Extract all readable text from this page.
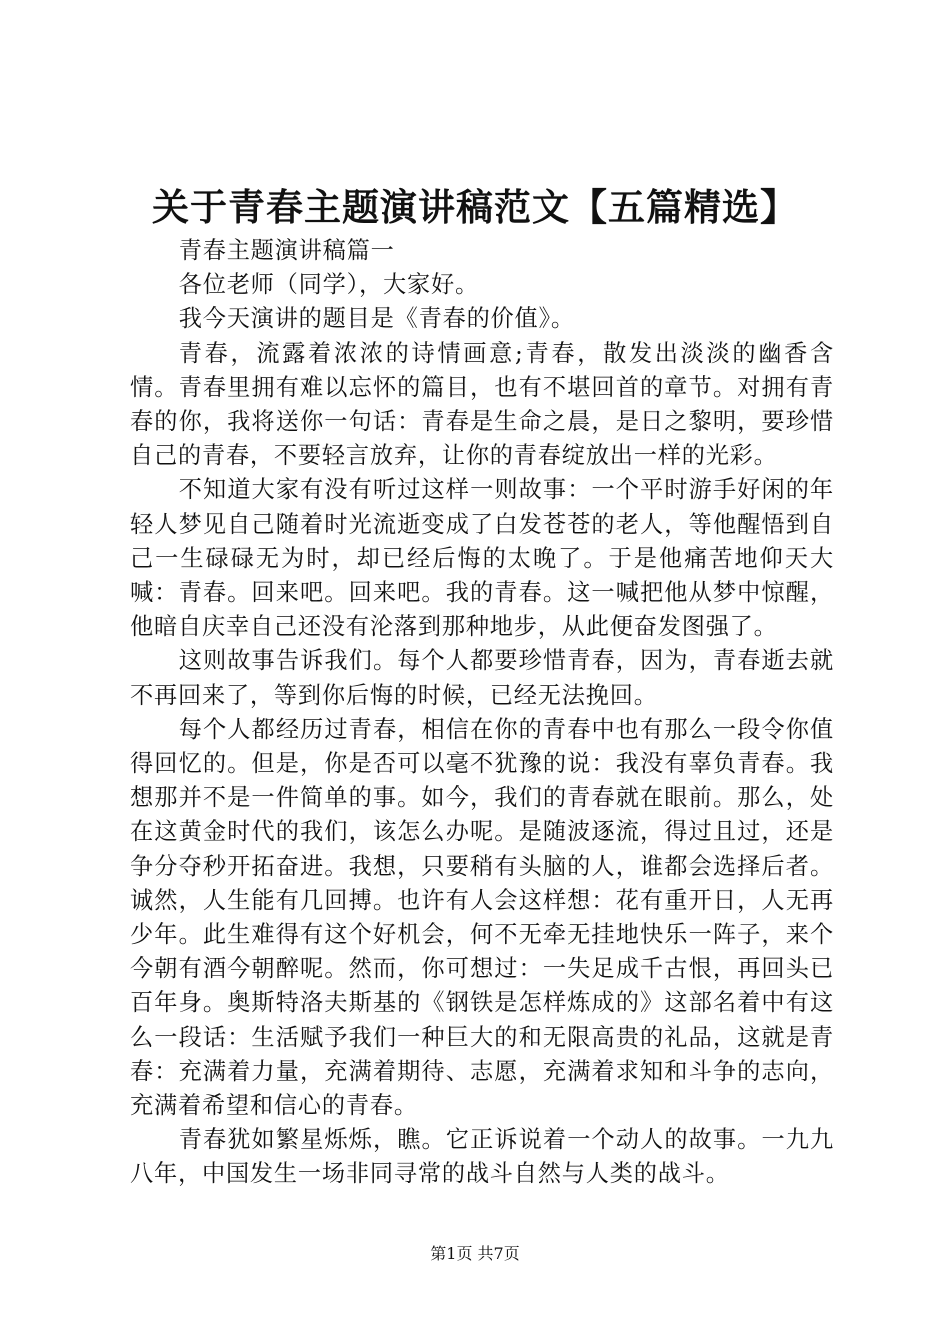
关于青春主题演讲稿范文【五篇精选】

青春主题演讲稿篇一

各位老师（同学），大家好。

我今天演讲的题目是《青春的价值》。

青春，流露着浓浓的诗情画意;青春，散发出淡淡的幽香含情。青春里拥有难以忘怀的篇目，也有不堪回首的章节。对拥有青春的你，我将送你一句话：青春是生命之晨，是日之黎明，要珍惜自己的青春，不要轻言放弃，让你的青春绽放出一样的光彩。

不知道大家有没有听过这样一则故事：一个平时游手好闲的年轻人梦见自己随着时光流逝变成了白发苍苍的老人，等他醒悟到自己一生碌碌无为时，却已经后悔的太晚了。于是他痛苦地仰天大喊：青春。回来吧。回来吧。我的青春。这一喊把他从梦中惊醒，他暗自庆幸自己还没有沦落到那种地步，从此便奋发图强了。

这则故事告诉我们。每个人都要珍惜青春，因为，青春逝去就不再回来了，等到你后悔的时候，已经无法挽回。

每个人都经历过青春，相信在你的青春中也有那么一段令你值得回忆的。但是，你是否可以毫不犹豫的说：我没有辜负青春。我想那并不是一件简单的事。如今，我们的青春就在眼前。那么，处在这黄金时代的我们，该怎么办呢。是随波逐流，得过且过，还是争分夺秒开拓奋进。我想，只要稍有头脑的人，谁都会选择后者。诚然，人生能有几回搏。也许有人会这样想：花有重开日，人无再少年。此生难得有这个好机会，何不无牵无挂地快乐一阵子，来个今朝有酒今朝醉呢。然而，你可想过：一失足成千古恨，再回头已百年身。奥斯特洛夫斯基的《钢铁是怎样炼成的》这部名着中有这么一段话：生活赋予我们一种巨大的和无限高贵的礼品，这就是青春：充满着力量，充满着期待、志愿，充满着求知和斗争的志向，充满着希望和信心的青春。

青春犹如繁星烁烁，瞧。它正诉说着一个动人的故事。一九九八年，中国发生一场非同寻常的战斗自然与人类的战斗。

第1页 共7页
